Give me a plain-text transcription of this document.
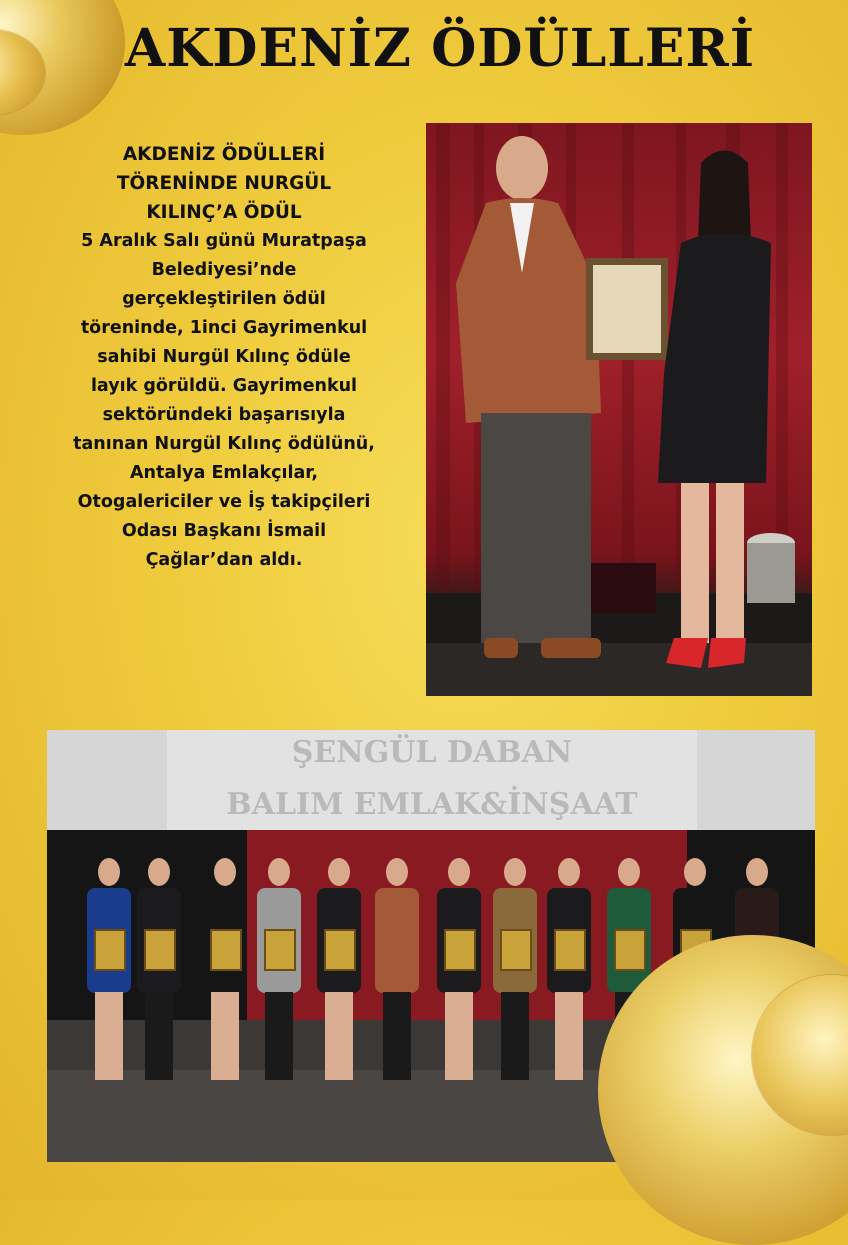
AKDENİZ ÖDÜLLERİ

AKDENİZ ÖDÜLLERİ
TÖRENİNDE NURGÜL
KILINÇ’A ÖDÜL

5 Aralık Salı günü Muratpaşa
Belediyesi’nde
gerçekleştirilen ödül
töreninde, 1inci Gayrimenkul
sahibi Nurgül Kılınç ödüle
layık görüldü. Gayrimenkul
sektöründeki başarısıyla
tanınan Nurgül Kılınç ödülünü,
Antalya Emlakçılar,
Otogalericiler ve İş takipçileri
Odası Başkanı İsmail
Çağlar’dan aldı.

ŞENGÜL DABAN
BALIM EMLAK&İNŞAAT
